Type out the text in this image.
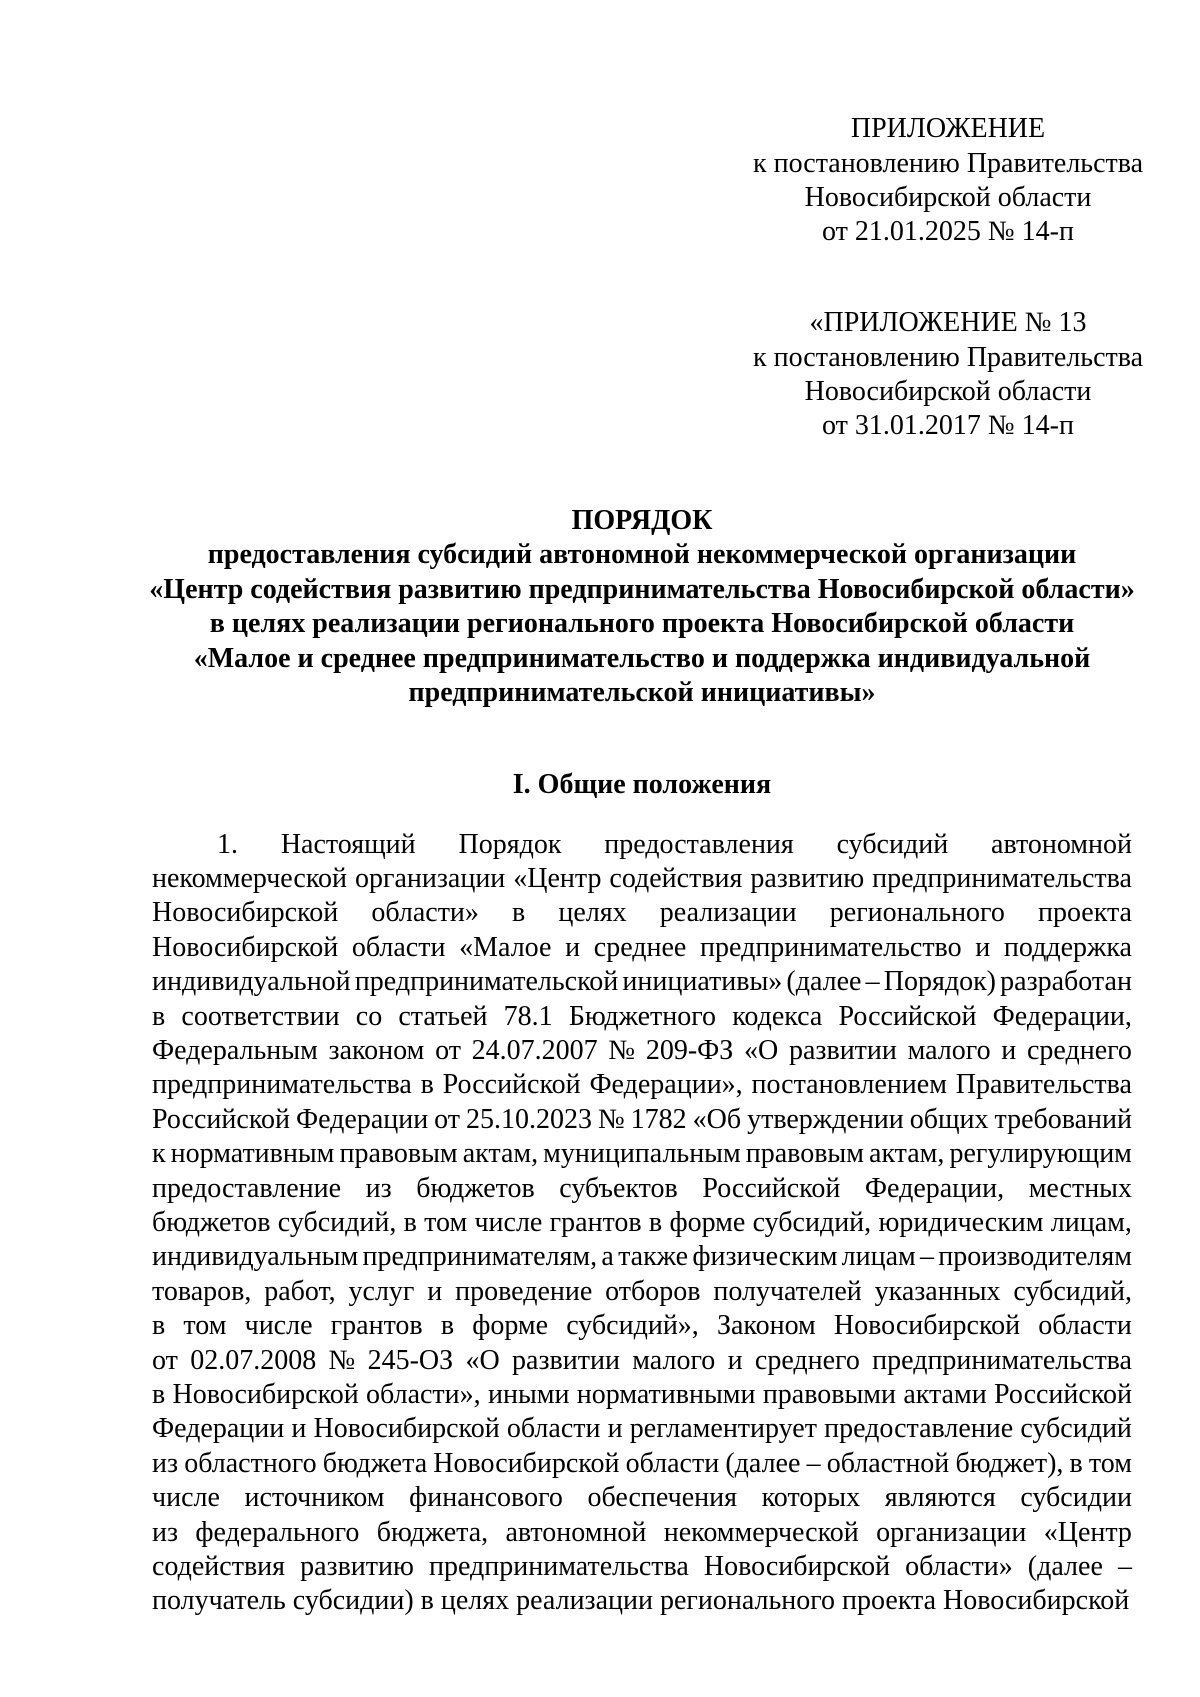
ПРИЛОЖЕНИЕ
к постановлению Правительства
Новосибирской области
от 21.01.2025 № 14-п
«ПРИЛОЖЕНИЕ № 13
к постановлению Правительства
Новосибирской области
от 31.01.2017 № 14-п
ПОРЯДОК
предоставления субсидий автономной некоммерческой организации
«Центр содействия развитию предпринимательства Новосибирской области»
в целях реализации регионального проекта Новосибирской области
«Малое и среднее предпринимательство и поддержка индивидуальной
предпринимательской инициативы»
I. Общие положения
1. Настоящий Порядок предоставления субсидий автономной
некоммерческой организации «Центр содействия развитию предпринимательства
Новосибирской области» в целях реализации регионального проекта
Новосибирской области «Малое и среднее предпринимательство и поддержка
индивидуальной предпринимательской инициативы» (далее – Порядок) разработан
в соответствии со статьей 78.1 Бюджетного кодекса Российской Федерации,
Федеральным законом от 24.07.2007 № 209-ФЗ «О развитии малого и среднего
предпринимательства в Российской Федерации», постановлением Правительства
Российской Федерации от 25.10.2023 № 1782 «Об утверждении общих требований
к нормативным правовым актам, муниципальным правовым актам, регулирующим
предоставление из бюджетов субъектов Российской Федерации, местных
бюджетов субсидий, в том числе грантов в форме субсидий, юридическим лицам,
индивидуальным предпринимателям, а также физическим лицам – производителям
товаров, работ, услуг и проведение отборов получателей указанных субсидий,
в том числе грантов в форме субсидий», Законом Новосибирской области
от 02.07.2008 № 245-ОЗ «О развитии малого и среднего предпринимательства
в Новосибирской области», иными нормативными правовыми актами Российской
Федерации и Новосибирской области и регламентирует предоставление субсидий
из областного бюджета Новосибирской области (далее – областной бюджет), в том
числе источником финансового обеспечения которых являются субсидии
из федерального бюджета, автономной некоммерческой организации «Центр
содействия развитию предпринимательства Новосибирской области» (далее –
получатель субсидии) в целях реализации регионального проекта Новосибирской
